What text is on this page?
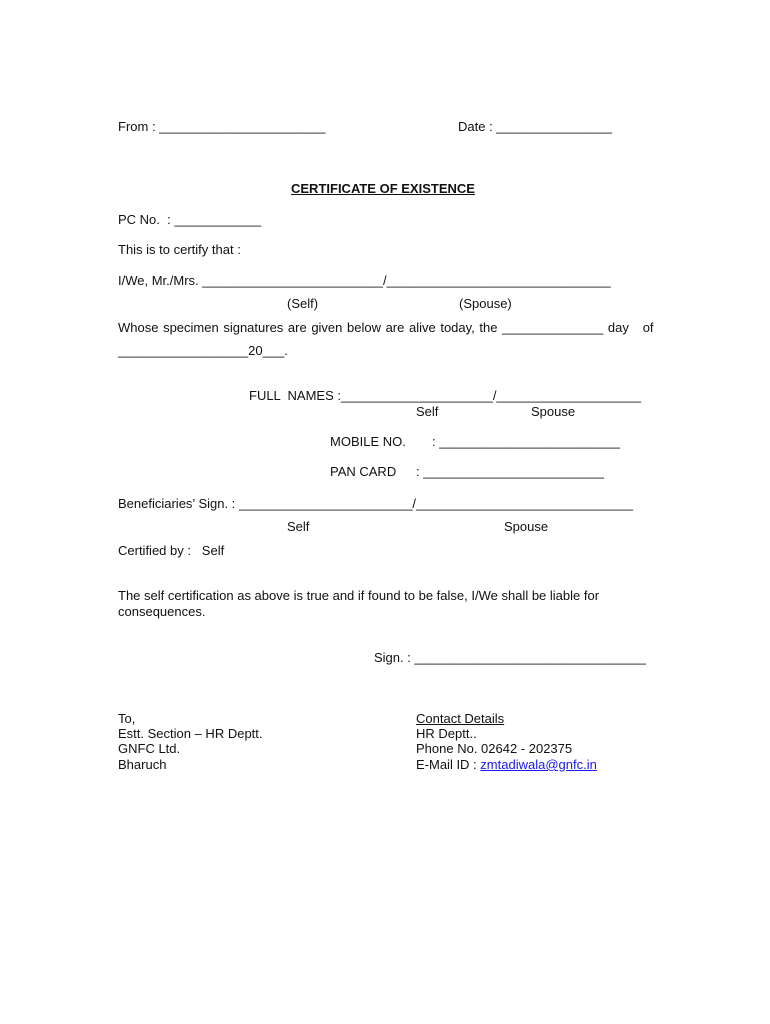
From : _______________________	Date : ________________
CERTIFICATE OF EXISTENCE
PC No.  : ____________
This is to certify that :
I/We, Mr./Mrs. _________________________/_______________________________
(Self)	(Spouse)
Whose specimen signatures are given below are alive today, the ______________ day   of
__________________20___.
FULL  NAMES :_____________________/____________________
Self	Spouse
MOBILE NO. : _________________________
PAN CARD : _________________________
Beneficiaries’ Sign. : ________________________/______________________________
Self	Spouse
Certified by :   Self
The self certification as above is true and if found to be false, I/We shall be liable for
consequences.
Sign. : ________________________________
To,
Estt. Section – HR Deptt.
GNFC Ltd.
Bharuch
Contact Details
HR Deptt..
Phone No. 02642 - 202375
E-Mail ID : zmtadiwala@gnfc.in
